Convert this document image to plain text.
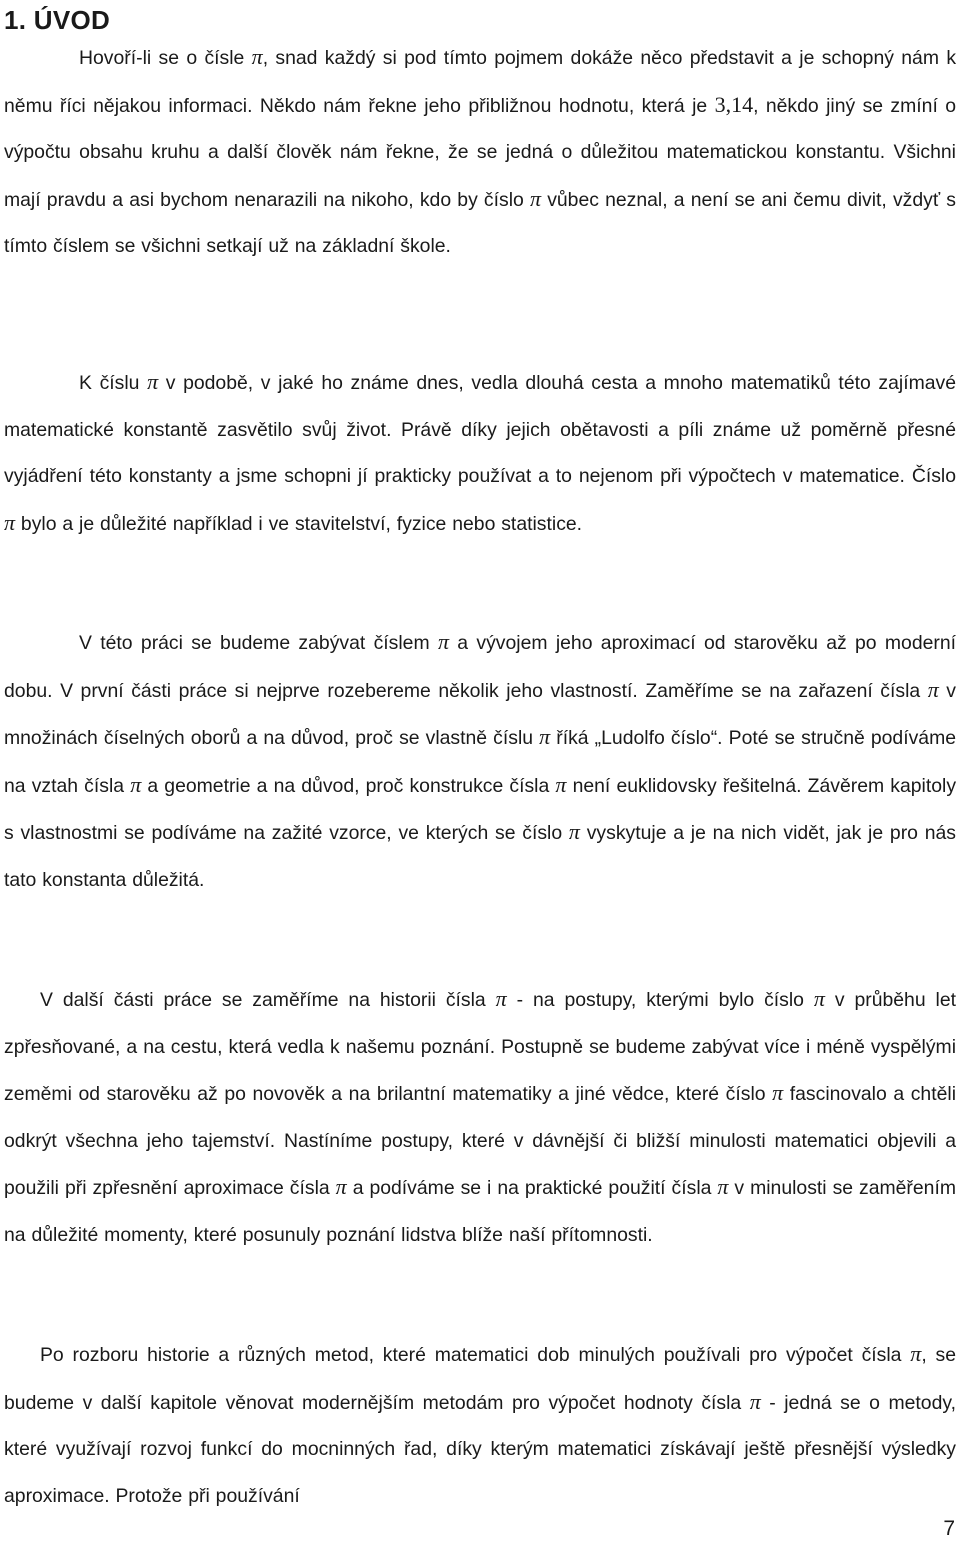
1. ÚVOD

Hovoří-li se o čísle π, snad každý si pod tímto pojmem dokáže něco představit a je schopný nám k němu říci nějakou informaci. Někdo nám řekne jeho přibližnou hodnotu, která je 3,14, někdo jiný se zmíní o výpočtu obsahu kruhu a další člověk nám řekne, že se jedná o důležitou matematickou konstantu. Všichni mají pravdu a asi bychom nenarazili na nikoho, kdo by číslo π vůbec neznal, a není se ani čemu divit, vždyť s tímto číslem se všichni setkají už na základní škole.

K číslu π v podobě, v jaké ho známe dnes, vedla dlouhá cesta a mnoho matematiků této zajímavé matematické konstantě zasvětilo svůj život. Právě díky jejich obětavosti a píli známe už poměrně přesné vyjádření této konstanty a jsme schopni jí prakticky používat a to nejenom při výpočtech v matematice. Číslo π bylo a je důležité například i ve stavitelství, fyzice nebo statistice.

V této práci se budeme zabývat číslem π a vývojem jeho aproximací od starověku až po moderní dobu. V první části práce si nejprve rozebereme několik jeho vlastností. Zaměříme se na zařazení čísla π v množinách číselných oborů a na důvod, proč se vlastně číslu π říká „Ludolfo číslo“. Poté se stručně podíváme na vztah čísla π a geometrie a na důvod, proč konstrukce čísla π není euklidovsky řešitelná. Závěrem kapitoly s vlastnostmi se podíváme na zažité vzorce, ve kterých se číslo π vyskytuje a je na nich vidět, jak je pro nás tato konstanta důležitá.

V další části práce se zaměříme na historii čísla π - na postupy, kterými bylo číslo π v průběhu let zpřesňované, a na cestu, která vedla k našemu poznání. Postupně se budeme zabývat více i méně vyspělými zeměmi od starověku až po novověk a na brilantní matematiky a jiné vědce, které číslo π fascinovalo a chtěli odkrýt všechna jeho tajemství. Nastíníme postupy, které v dávnější či bližší minulosti matematici objevili a použili při zpřesnění aproximace čísla π a podíváme se i na praktické použití čísla π v minulosti se zaměřením na důležité momenty, které posunuly poznání lidstva blíže naší přítomnosti.

Po rozboru historie a různých metod, které matematici dob minulých používali pro výpočet čísla π, se budeme v další kapitole věnovat modernějším metodám pro výpočet hodnoty čísla π - jedná se o metody, které využívají rozvoj funkcí do mocninných řad, díky kterým matematici získávají ještě přesnější výsledky aproximace. Protože při používání

7
